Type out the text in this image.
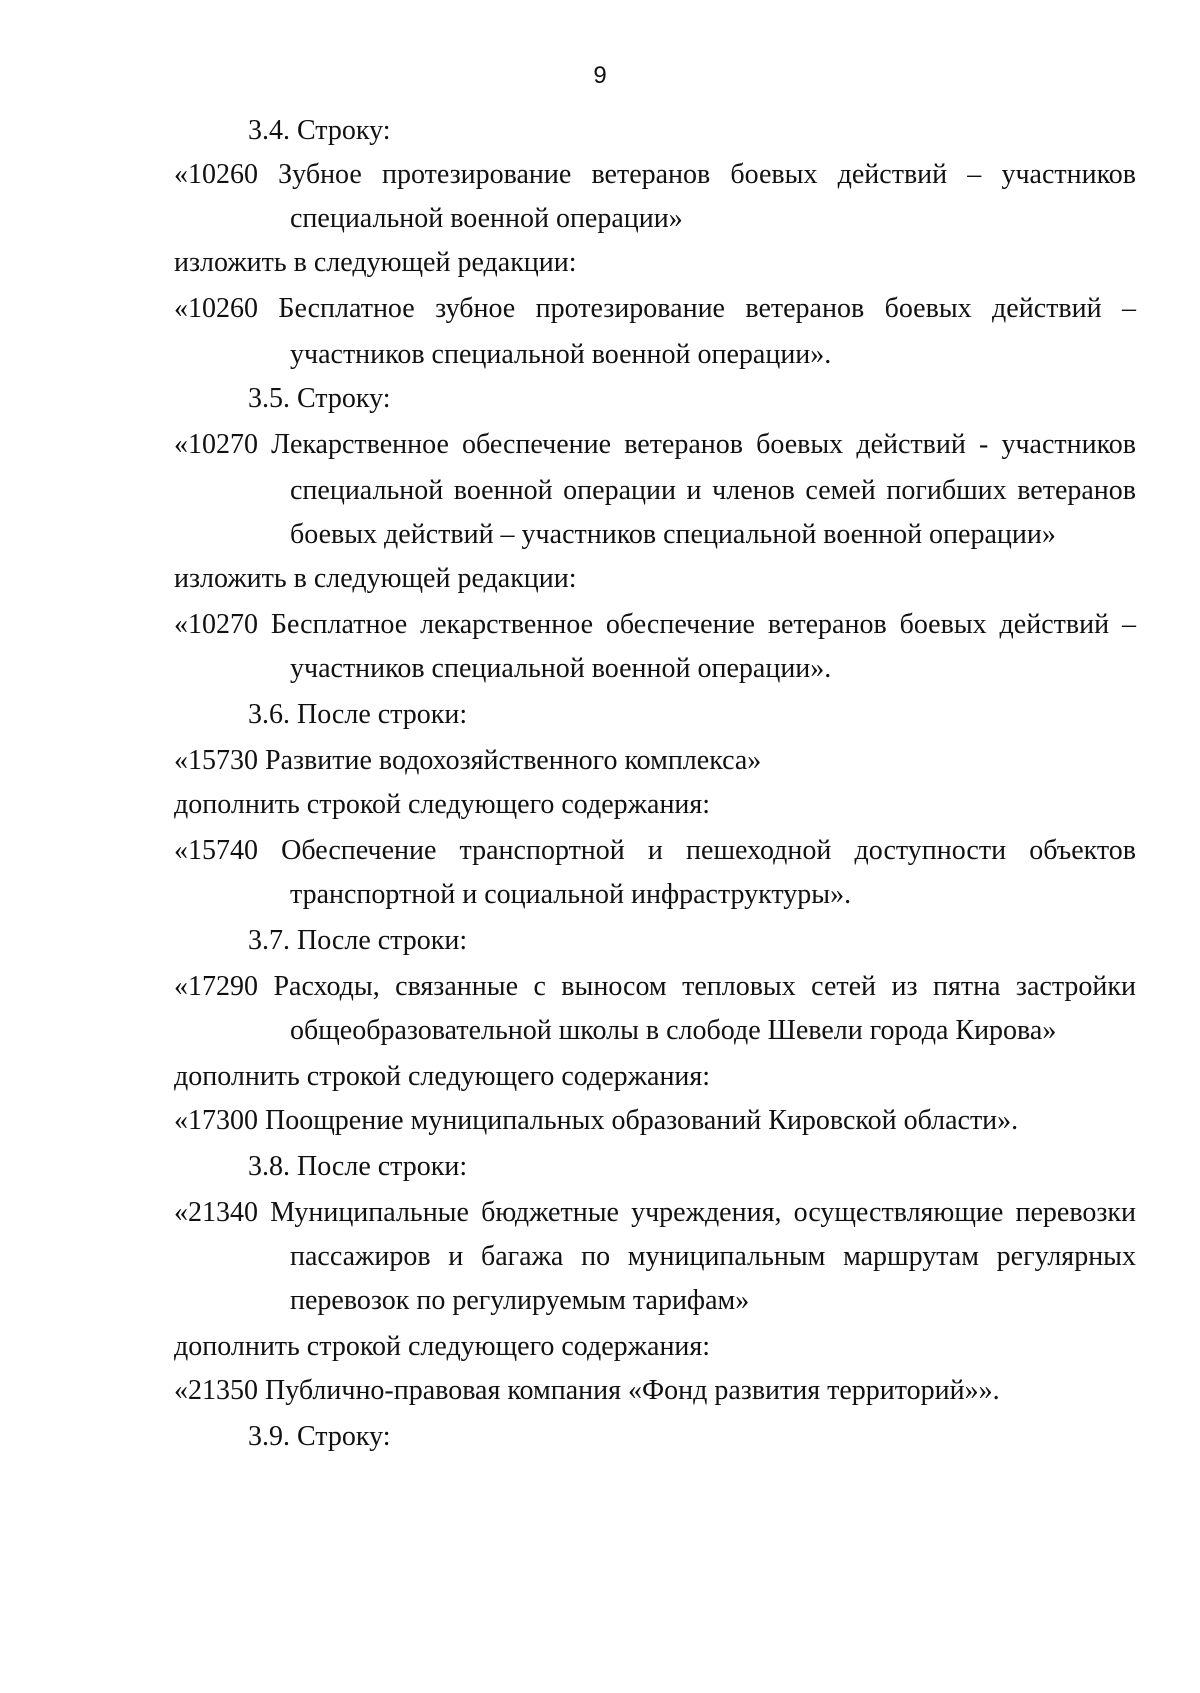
9
3.4. Строку:
«10260 Зубное протезирование ветеранов боевых действий – участников
специальной военной операции»
изложить в следующей редакции:
«10260 Бесплатное зубное протезирование ветеранов боевых действий –
участников специальной военной операции».
3.5. Строку:
«10270 Лекарственное обеспечение ветеранов боевых действий - участников
специальной военной операции и членов семей погибших ветеранов
боевых действий – участников специальной военной операции»
изложить в следующей редакции:
«10270 Бесплатное лекарственное обеспечение ветеранов боевых действий –
участников специальной военной операции».
3.6. После строки:
«15730 Развитие водохозяйственного комплекса»
дополнить строкой следующего содержания:
«15740 Обеспечение транспортной и пешеходной доступности объектов
транспортной и социальной инфраструктуры».
3.7. После строки:
«17290 Расходы, связанные с выносом тепловых сетей из пятна застройки
общеобразовательной школы в слободе Шевели города Кирова»
дополнить строкой следующего содержания:
«17300 Поощрение муниципальных образований Кировской области».
3.8. После строки:
«21340 Муниципальные бюджетные учреждения, осуществляющие перевозки
пассажиров и багажа по муниципальным маршрутам регулярных
перевозок по регулируемым тарифам»
дополнить строкой следующего содержания:
«21350 Публично-правовая компания «Фонд развития территорий»».
3.9. Строку:
